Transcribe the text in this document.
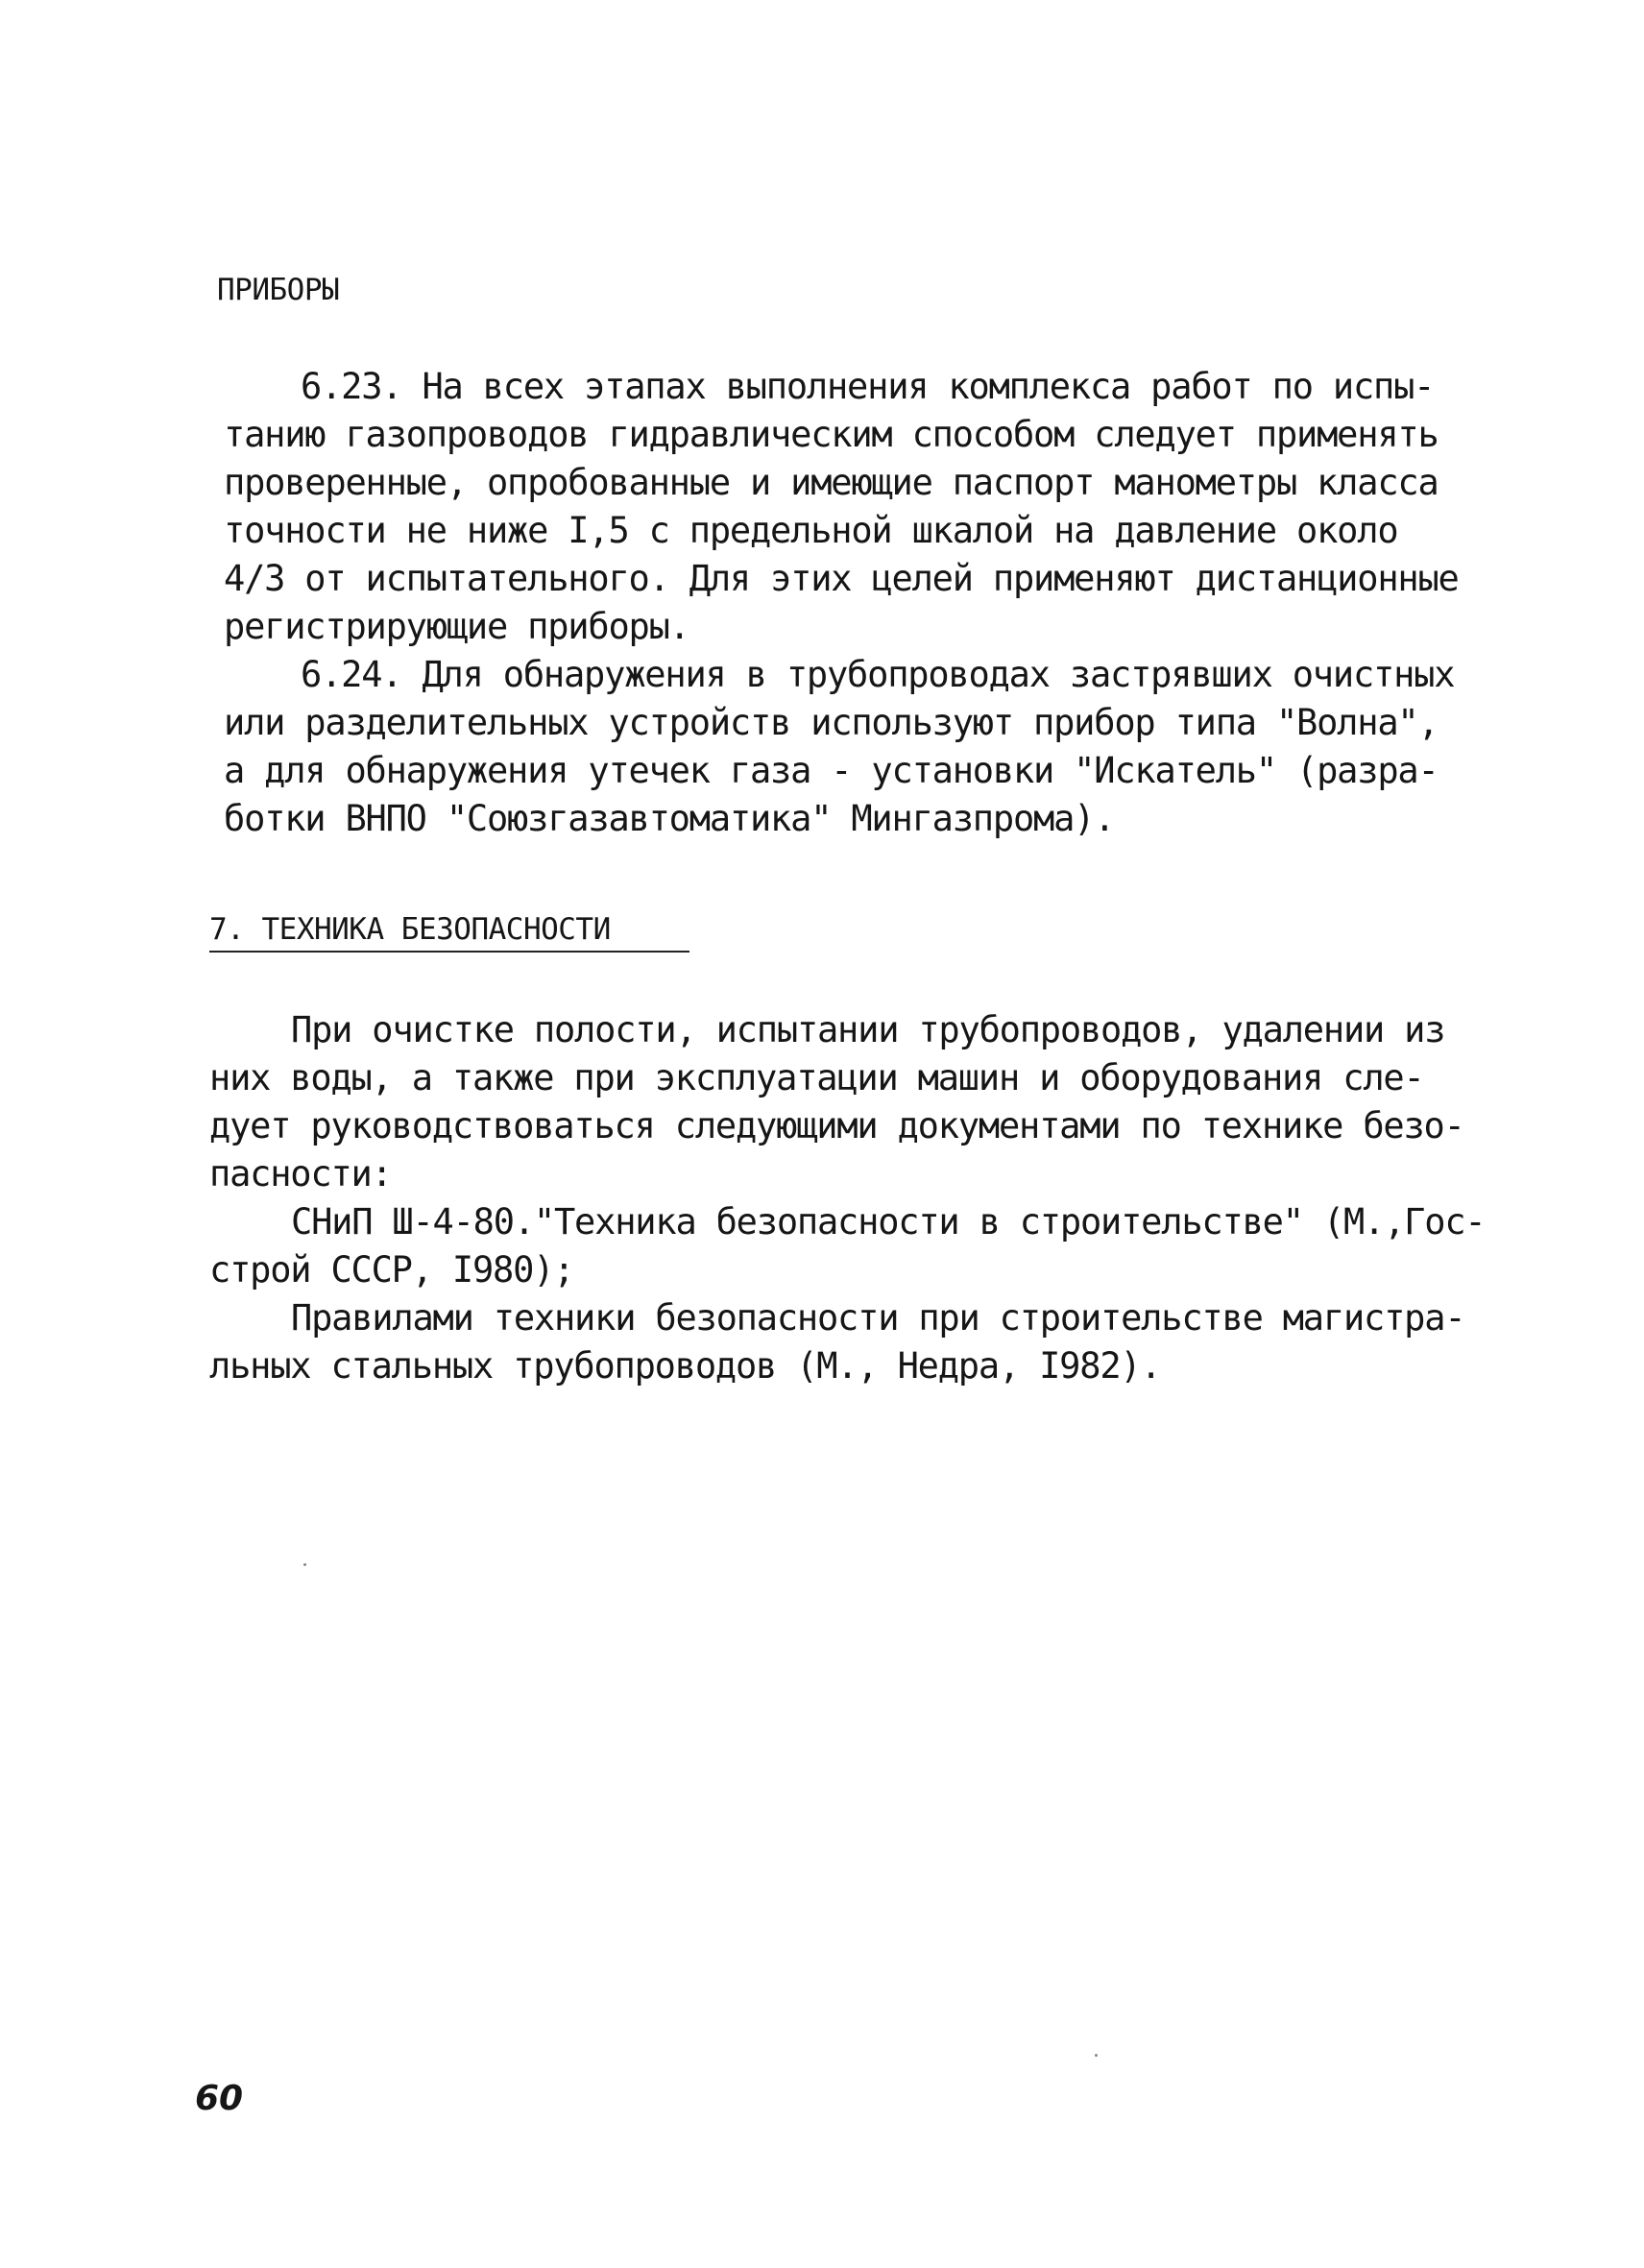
ПРИБОРЫ
6.23. На всех этапах выполнения комплекса работ по испы-
танию газопроводов гидравлическим способом следует применять
проверенные, опробованные и имеющие паспорт манометры класса
точности не ниже I,5 с предельной шкалой на давление около
4/3 от испытательного. Для этих целей применяют дистанционные
регистрирующие приборы.
6.24. Для обнаружения в трубопроводах застрявших очистных
или разделительных устройств используют прибор типа "Волна",
а для обнаружения утечек газа - установки "Искатель" (разра-
ботки ВНПО "Союзгазавтоматика" Мингазпрома).
7. ТЕХНИКА БЕЗОПАСНОСТИ
При очистке полости, испытании трубопроводов, удалении из
них воды, а также при эксплуатации машин и оборудования сле-
дует руководствоваться следующими документами по технике безо-
пасности:
СНиП Ш-4-80."Техника безопасности в строительстве" (М.,Гос-
строй СССР, I980);
Правилами техники безопасности при строительстве магистра-
льных стальных трубопроводов (М., Недра, I982).
60
